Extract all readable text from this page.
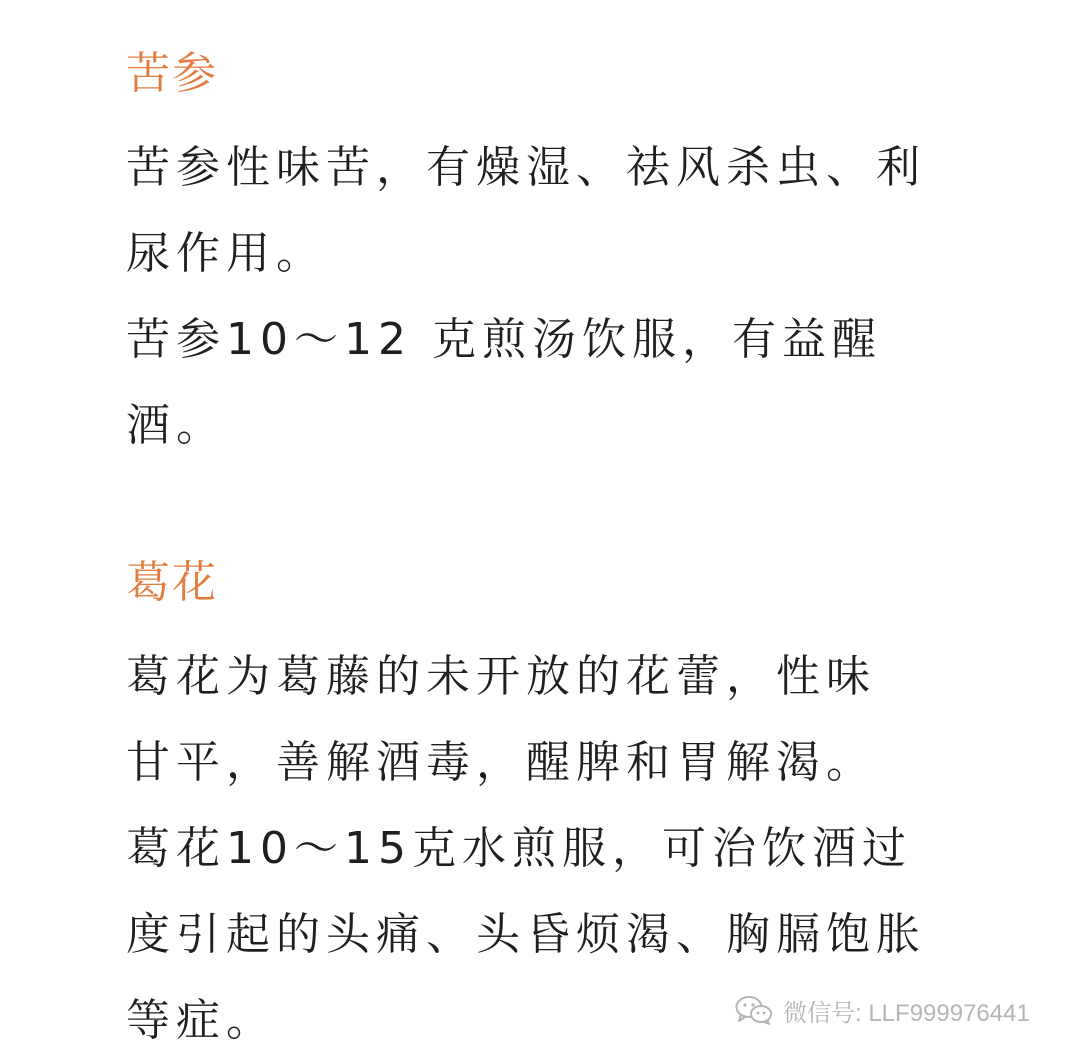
苦参

苦参性味苦，有燥湿、祛风杀虫、利
尿作用。
苦参10～12 克煎汤饮服，有益醒
酒。

葛花

葛花为葛藤的未开放的花蕾，性味
甘平，善解酒毒，醒脾和胃解渴。
葛花10～15克水煎服，可治饮酒过
度引起的头痛、头昏烦渴、胸膈饱胀
等症。	微信号: LLF999976441
